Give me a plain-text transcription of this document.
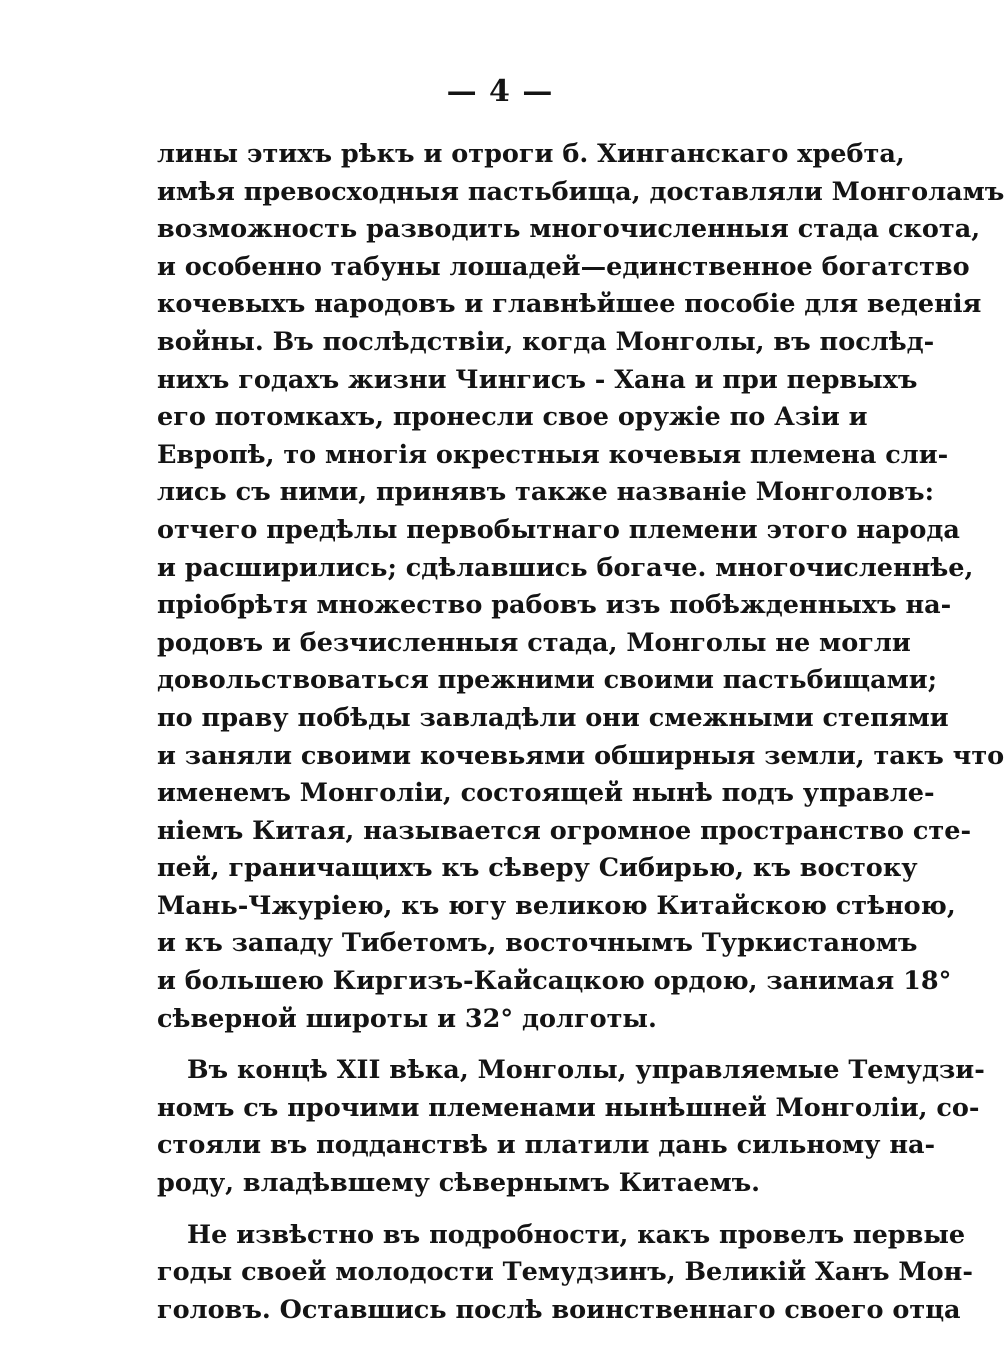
— 4 —
лины этихъ рѣкъ и отроги б. Хинганскаго хребта,
имѣя превосходныя пастьбища, доставляли Монголамъ
возможность разводить многочисленныя стада скота,
и особенно табуны лошадей—единственное богатство
кочевыхъ народовъ и главнѣйшее пособіе для веденія
войны. Въ послѣдствіи, когда Монголы, въ послѣд-
нихъ годахъ жизни Чингисъ - Хана и при первыхъ
его потомкахъ, пронесли свое оружіе по Азіи и
Европѣ, то многія окрестныя кочевыя племена сли-
лись съ ними, принявъ также названіе Монголовъ:
отчего предѣлы первобытнаго племени этого народа
и расширились; сдѣлавшись богаче. многочисленнѣе,
пріобрѣтя множество рабовъ изъ побѣжденныхъ на-
родовъ и безчисленныя стада, Монголы не могли
довольствоваться прежними своими пастьбищами;
по праву побѣды завладѣли они смежными степями
и заняли своими кочевьями обширныя земли, такъ что
именемъ Монголіи, состоящей нынѣ подъ управле-
ніемъ Китая, называется огромное пространство сте-
пей, граничащихъ къ сѣверу Сибирью, къ востоку
Мань-Чжуріею, къ югу великою Китайскою стѣною,
и къ западу Тибетомъ, восточнымъ Туркистаномъ
и большею Киргизъ-Кайсацкою ордою, занимая 18°
сѣверной широты и 32° долготы.
Въ концѣ XII вѣка, Монголы, управляемые Темудзи-
номъ съ прочими племенами нынѣшней Монголіи, со-
стояли въ подданствѣ и платили дань сильному на-
роду, владѣвшему сѣвернымъ Китаемъ.
Не извѣстно въ подробности, какъ провелъ первые
годы своей молодости Темудзинъ, Великій Ханъ Мон-
головъ. Оставшись послѣ воинственнаго своего отца
